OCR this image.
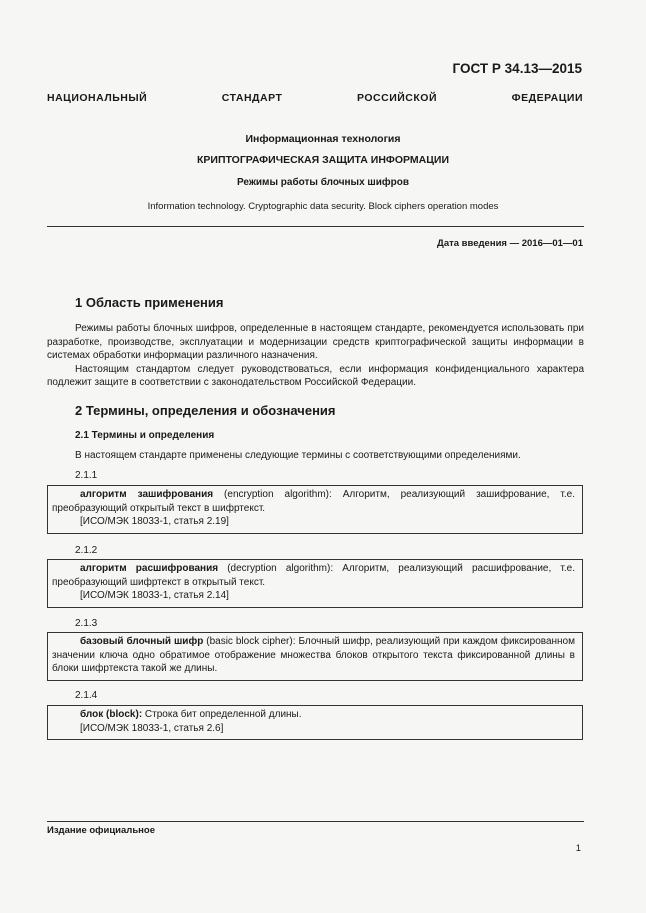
ГОСТ Р 34.13—2015
НАЦИОНАЛЬНЫЙ СТАНДАРТ РОССИЙСКОЙ ФЕДЕРАЦИИ
Информационная технология
КРИПТОГРАФИЧЕСКАЯ ЗАЩИТА ИНФОРМАЦИИ
Режимы работы блочных шифров
Information technology. Cryptographic data security. Block ciphers operation modes
Дата введения — 2016—01—01
1 Область применения

Режимы работы блочных шифров, определенные в настоящем стандарте, рекомендуется использовать при разработке, производстве, эксплуатации и модернизации средств криптографической защиты информации в системах обработки информации различного назначения.

Настоящим стандартом следует руководствоваться, если информация конфиденциального характера подлежит защите в соответствии с законодательством Российской Федерации.

2 Термины, определения и обозначения
2.1 Термины и определения
В настоящем стандарте применены следующие термины с соответствующими определениями.
2.1.1

алгоритм зашифрования (encryption algorithm): Алгоритм, реализующий зашифрование, т.е. преобразующий открытый текст в шифртекст.

[ИСО/МЭК 18033-1, статья 2.19]

2.1.2

алгоритм расшифрования (decryption algorithm): Алгоритм, реализующий расшифрование, т.е. преобразующий шифртекст в открытый текст.

[ИСО/МЭК 18033-1, статья 2.14]

2.1.3

базовый блочный шифр (basic block cipher): Блочный шифр, реализующий при каждом фиксированном значении ключа одно обратимое отображение множества блоков открытого текста фиксированной длины в блоки шифртекста такой же длины.

2.1.4

блок (block): Строка бит определенной длины.

[ИСО/МЭК 18033-1, статья 2.6]

Издание официальное
1
